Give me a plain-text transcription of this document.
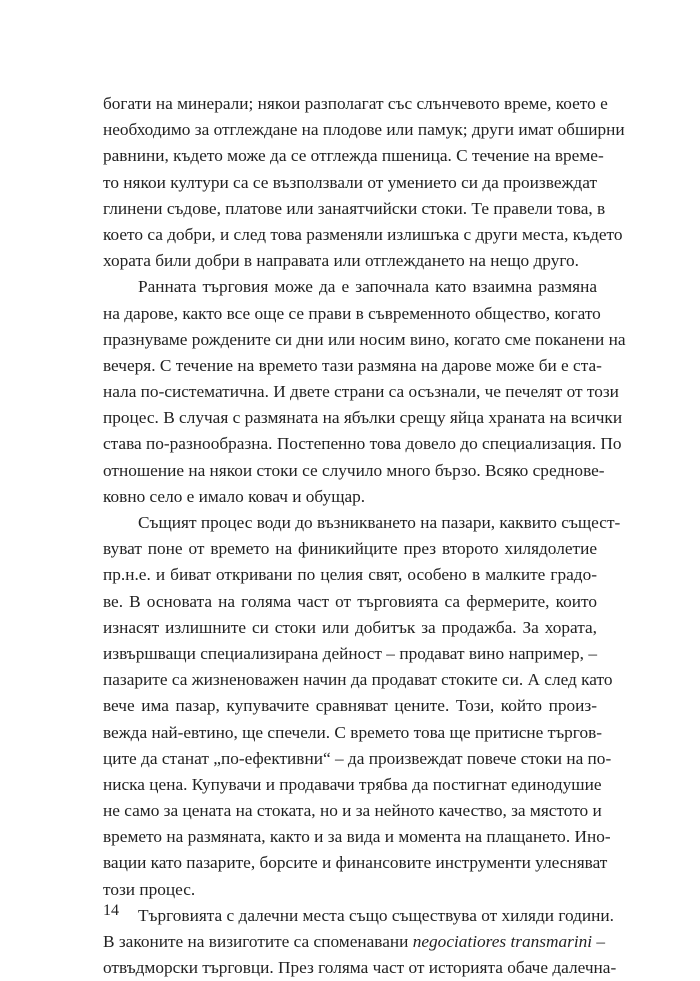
богати на минерали; някои разполагат със слънчевото време, което е
необходимо за отглеждане на плодове или памук; други имат обширни
равнини, където може да се отглежда пшеница. С течение на време-
то някои култури са се възползвали от умението си да произвеждат
глинени съдове, платове или занаятчийски стоки. Те правели това, в
което са добри, и след това разменяли излишъка с други места, където
хората били добри в направата или отглеждането на нещо друго.

Ранната търговия може да е започнала като взаимна размяна
на дарове, както все още се прави в съвременното общество, когато
празнуваме рождените си дни или носим вино, когато сме поканени на
вечеря. С течение на времето тази размяна на дарове може би е ста-
нала по-систематична. И двете страни са осъзнали, че печелят от този
процес. В случая с размяната на ябълки срещу яйца храната на всички
става по-разнообразна. Постепенно това довело до специализация. По
отношение на някои стоки се случило много бързо. Всяко среднове-
ковно село е имало ковач и обущар.

Същият процес води до възникването на пазари, каквито същест-
вуват поне от времето на финикийците през второто хилядолетие
пр.н.е. и биват откривани по целия свят, особено в малките градо-
ве. В основата на голяма част от търговията са фермерите, които
изнасят излишните си стоки или добитък за продажба. За хората,
извършващи специализирана дейност – продават вино например, –
пазарите са жизненоважен начин да продават стоките си. А след като
вече има пазар, купувачите сравняват цените. Този, който произ-
вежда най-евтино, ще спечели. С времето това ще притисне търгов-
ците да станат „по-ефективни“ – да произвеждат повече стоки на по-
ниска цена. Купувачи и продавачи трябва да постигнат единодушие
не само за цената на стоката, но и за нейното качество, за мястото и
времето на размяната, както и за вида и момента на плащането. Ино-
вации като пазарите, борсите и финансовите инструменти улесняват
този процес.

Търговията с далечни места също съществува от хиляди години.
В законите на визиготите са споменавани negociatiores transmarini –
отвъдморски търговци. През голяма част от историята обаче далечна-

14
